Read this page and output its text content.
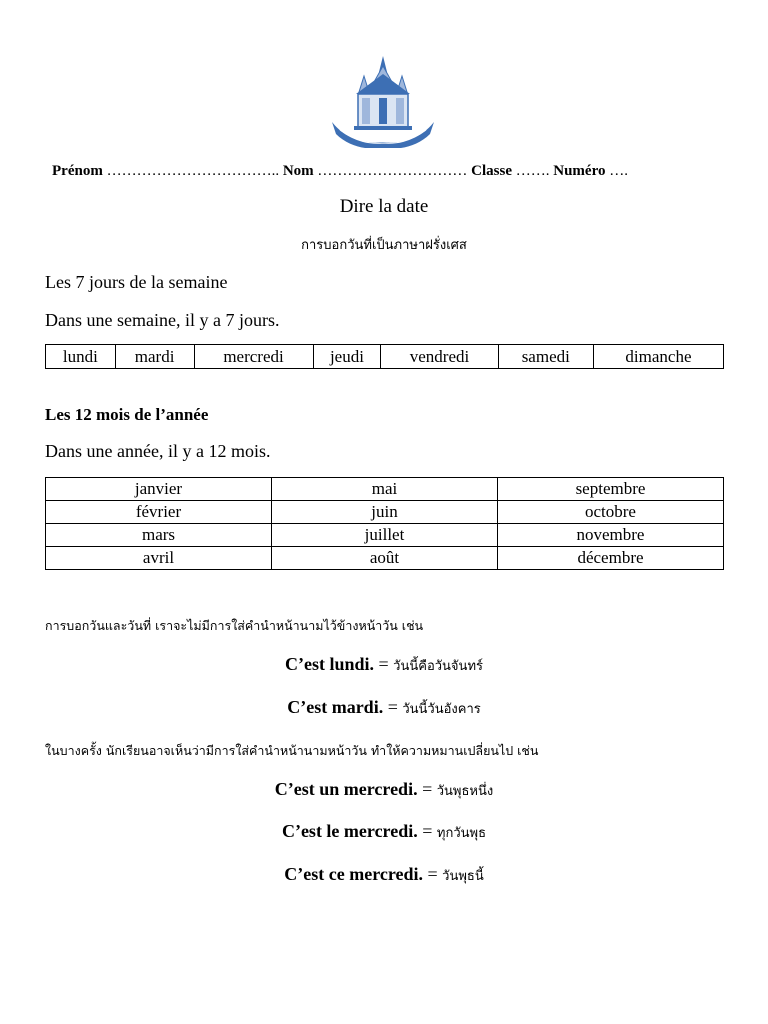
Prénom …………………………….. Nom ………………………… Classe ……. Numéro ….
Dire la date
การบอกวันที่เป็นภาษาฝรั่งเศส
Les 7 jours de la semaine
Dans une semaine, il y a 7 jours.
lundi	mardi	mercredi	jeudi	vendredi	samedi	dimanche
Les 12 mois de l’année
Dans une année, il y a 12 mois.
janvier	mai	septembre
février	juin	octobre
mars	juillet	novembre
avril	août	décembre
การบอกวันและวันที่ เราจะไม่มีการใส่คำนำหน้านามไว้ข้างหน้าวัน เช่น
C’est lundi. = วันนี้คือวันจันทร์
C’est mardi. = วันนี้วันอังคาร
ในบางครั้ง นักเรียนอาจเห็นว่ามีการใส่คำนำหน้านามหน้าวัน ทำให้ความหมานเปลี่ยนไป เช่น
C’est un mercredi. = วันพุธหนึ่ง
C’est le mercredi. = ทุกวันพุธ
C’est ce mercredi. = วันพุธนี้
